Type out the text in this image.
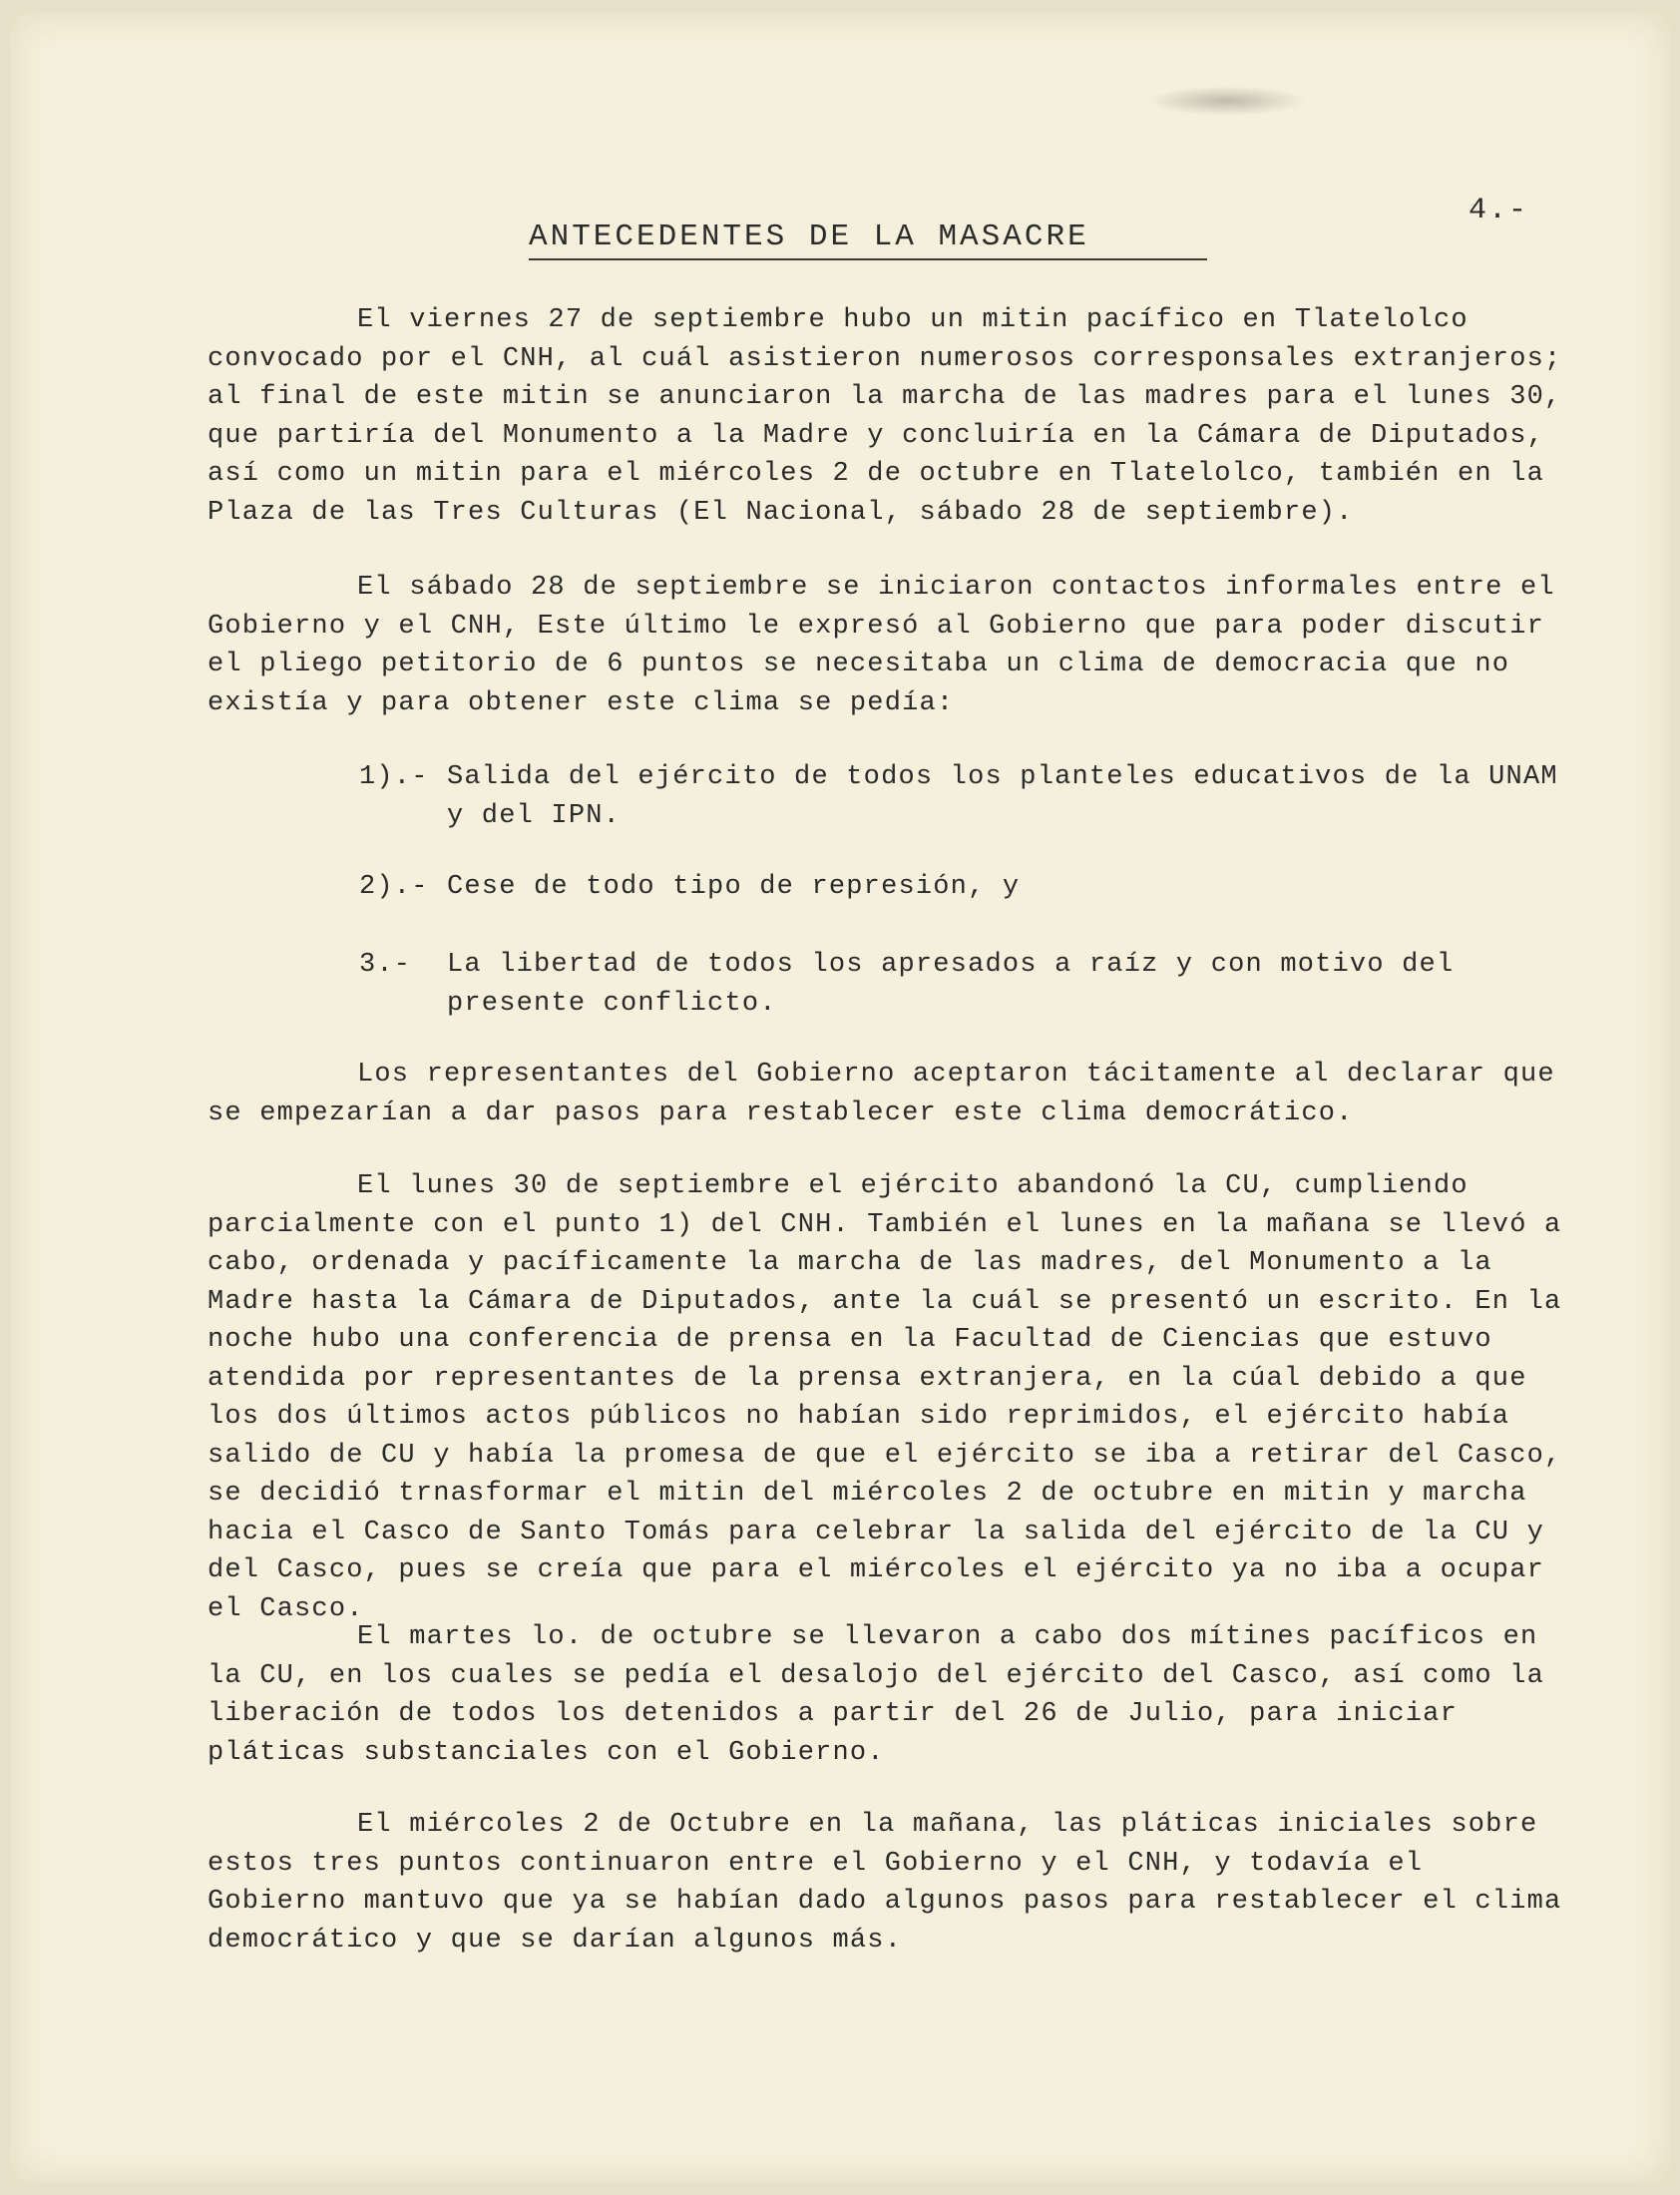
4.-
ANTECEDENTES DE LA MASACRE
El viernes 27 de septiembre hubo un mitin pacífico en Tlatelolco convocado por el CNH, al cuál asistieron numerosos corresponsales extranjeros; al final de este mitin se anunciaron la marcha de las madres para el lunes 30, que partiría del Monumento a la Madre y concluiría en la Cámara de Diputados, así como un mitin para el miércoles 2 de octubre en Tlatelolco, también en la Plaza de las Tres Culturas (El Nacional, sábado 28 de septiembre).
El sábado 28 de septiembre se iniciaron contactos informales entre el Gobierno y el CNH, Este último le expresó al Gobierno que para poder discutir el pliego petitorio de 6 puntos se necesitaba un clima de democracia que no existía y para obtener este clima se pedía:
1).- Salida del ejército de todos los planteles educativos de la UNAM y del IPN.
2).- Cese de todo tipo de represión, y
3.-	La libertad de todos los apresados a raíz y con motivo del presente conflicto.
Los representantes del Gobierno aceptaron tácitamente al declarar que se empezarían a dar pasos para restablecer este clima democrático.
El lunes 30 de septiembre el ejército abandonó la CU, cumpliendo parcialmente con el punto 1) del CNH. También el lunes en la mañana se llevó a cabo, ordenada y pacíficamente la marcha de las madres, del Monumento a la Madre hasta la Cámara de Diputados, ante la cuál se presentó un escrito. En la noche hubo una conferencia de prensa en la Facultad de Ciencias que estuvo atendida por representantes de la prensa extranjera, en la cúal debido a que los dos últimos actos públicos no habían sido reprimidos, el ejército había salido de CU y había la promesa de que el ejército se iba a retirar del Casco, se decidió trnasformar el mitin del miércoles 2 de octubre en mitin y marcha hacia el Casco de Santo Tomás para celebrar la salida del ejército de la CU y del Casco, pues se creía que para el miércoles el ejército ya no iba a ocupar el Casco.
El martes lo. de octubre se llevaron a cabo dos mítines pacíficos en la CU, en los cuales se pedía el desalojo del ejército del Casco, así como la liberación de todos los detenidos a partir del 26 de Julio, para iniciar pláticas substanciales con el Gobierno.
El miércoles 2 de Octubre en la mañana, las pláticas iniciales sobre estos tres puntos continuaron entre el Gobierno y el CNH, y todavía el Gobierno mantuvo que ya se habían dado algunos pasos para restablecer el clima democrático y que se darían algunos más.
